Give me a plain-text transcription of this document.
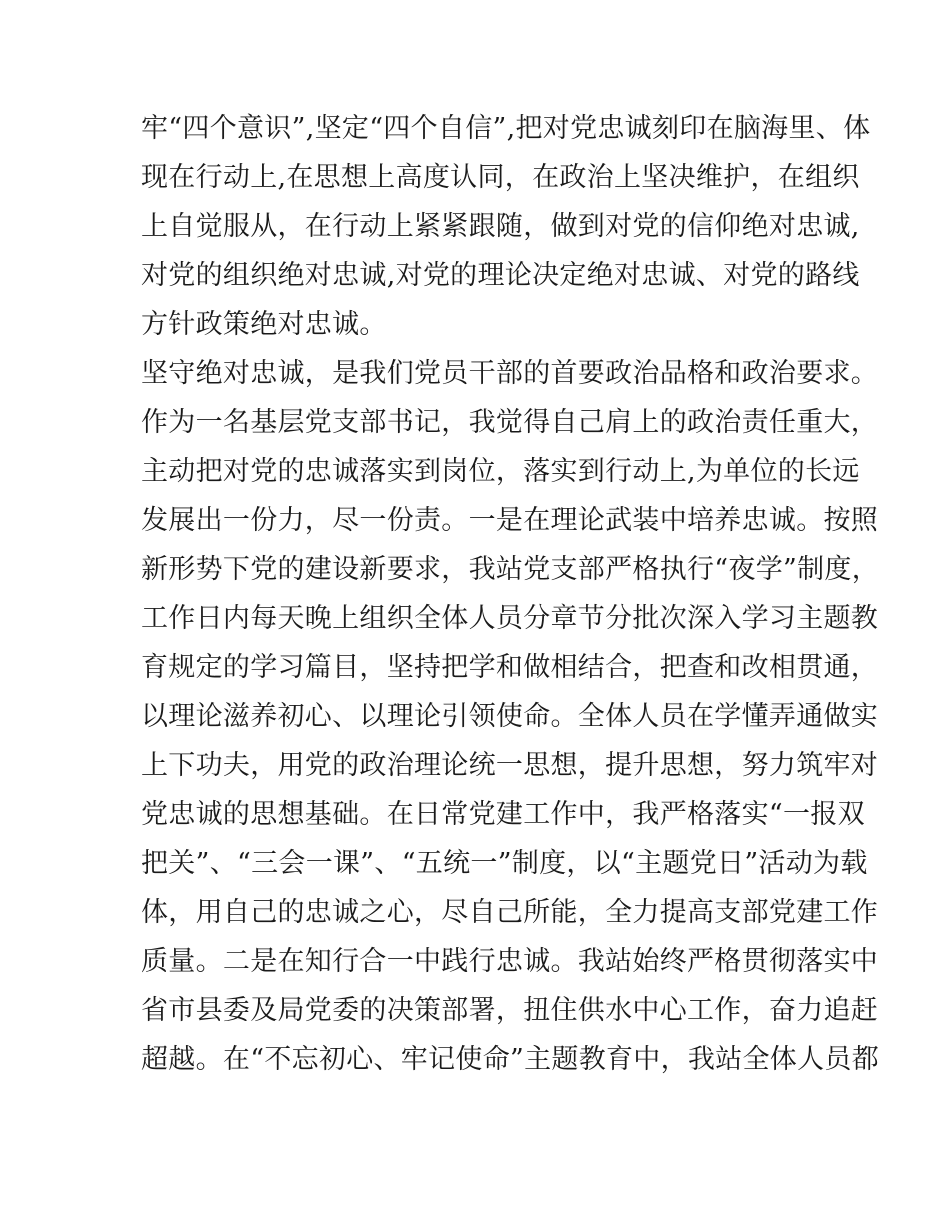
牢“四个意识”,坚定“四个自信”,把对党忠诚刻印在脑海里、体
现在行动上,在思想上高度认同，在政治上坚决维护，在组织
上自觉服从，在行动上紧紧跟随，做到对党的信仰绝对忠诚,
对党的组织绝对忠诚,对党的理论决定绝对忠诚、对党的路线
方针政策绝对忠诚。
坚守绝对忠诚，是我们党员干部的首要政治品格和政治要求。
作为一名基层党支部书记，我觉得自己肩上的政治责任重大，
主动把对党的忠诚落实到岗位，落实到行动上,为单位的长远
发展出一份力，尽一份责。一是在理论武装中培养忠诚。按照
新形势下党的建设新要求，我站党支部严格执行“夜学”制度，
工作日内每天晚上组织全体人员分章节分批次深入学习主题教
育规定的学习篇目，坚持把学和做相结合，把查和改相贯通，
以理论滋养初心、以理论引领使命。全体人员在学懂弄通做实
上下功夫，用党的政治理论统一思想，提升思想，努力筑牢对
党忠诚的思想基础。在日常党建工作中，我严格落实“一报双
把关”、“三会一课”、“五统一”制度，以“主题党日”活动为载
体，用自己的忠诚之心，尽自己所能，全力提高支部党建工作
质量。二是在知行合一中践行忠诚。我站始终严格贯彻落实中
省市县委及局党委的决策部署，扭住供水中心工作，奋力追赶
超越。在“不忘初心、牢记使命”主题教育中，我站全体人员都
